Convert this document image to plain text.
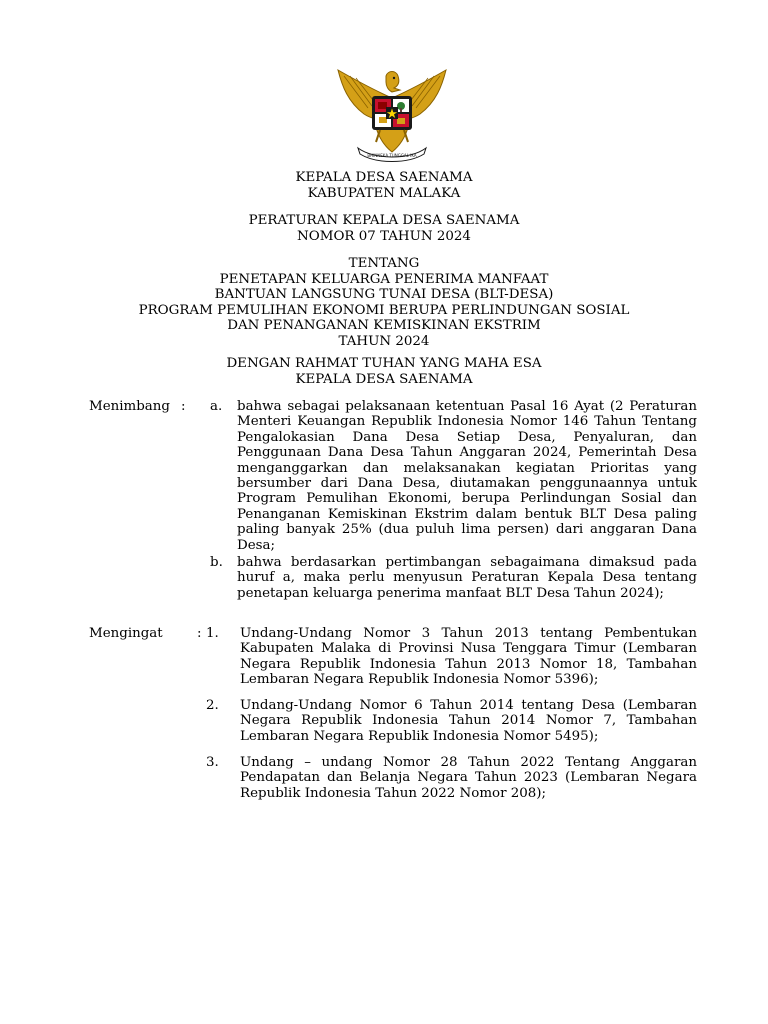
BHINNEKA TUNGGAL IKA
KEPALA DESA SAENAMA
KABUPATEN MALAKA
PERATURAN KEPALA DESA SAENAMA
NOMOR 07 TAHUN 2024
TENTANG
PENETAPAN KELUARGA PENERIMA MANFAAT
BANTUAN LANGSUNG TUNAI DESA (BLT-DESA)
PROGRAM PEMULIHAN EKONOMI BERUPA PERLINDUNGAN SOSIAL
DAN PENANGANAN KEMISKINAN EKSTRIM
TAHUN 2024
DENGAN RAHMAT TUHAN YANG MAHA ESA
KEPALA DESA SAENAMA
Menimbang : a. bahwa sebagai pelaksanaan ketentuan Pasal 16 Ayat (2 Peraturan Menteri Keuangan Republik Indonesia Nomor 146 Tahun Tentang Pengalokasian Dana Desa Setiap Desa, Penyaluran, dan Penggunaan Dana Desa Tahun Anggaran 2024, Pemerintah Desa menganggarkan dan melaksanakan kegiatan Prioritas yang bersumber dari Dana Desa, diutamakan penggunaannya untuk Program Pemulihan Ekonomi, berupa Perlindungan Sosial dan Penanganan Kemiskinan Ekstrim dalam bentuk BLT Desa paling paling banyak 25% (dua puluh lima persen) dari anggaran Dana Desa;
b. bahwa berdasarkan pertimbangan sebagaimana dimaksud pada huruf a, maka perlu menyusun Peraturan Kepala Desa tentang penetapan keluarga penerima manfaat BLT Desa Tahun 2024);
Mengingat	: 1. Undang-Undang Nomor 3 Tahun 2013 tentang Pembentukan Kabupaten Malaka di Provinsi Nusa Tenggara Timur (Lembaran Negara Republik Indonesia Tahun 2013 Nomor 18, Tambahan Lembaran Negara Republik Indonesia Nomor 5396);
2. Undang-Undang Nomor 6 Tahun 2014 tentang Desa (Lembaran Negara Republik Indonesia Tahun 2014 Nomor 7, Tambahan Lembaran Negara Republik Indonesia Nomor 5495);
3. Undang – undang Nomor 28 Tahun 2022 Tentang Anggaran Pendapatan dan Belanja Negara Tahun 2023 (Lembaran Negara Republik Indonesia Tahun 2022 Nomor 208);
